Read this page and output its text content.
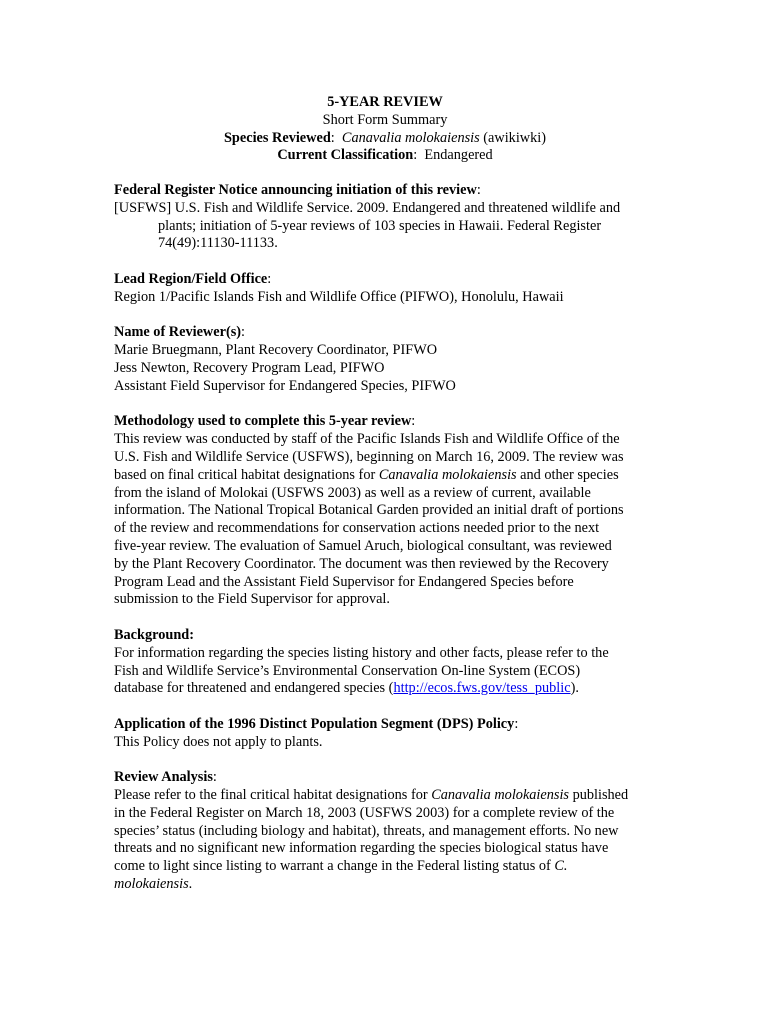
5-YEAR REVIEW
Short Form Summary
Species Reviewed:  Canavalia molokaiensis (awikiwki)
Current Classification:  Endangered
Federal Register Notice announcing initiation of this review:
[USFWS] U.S. Fish and Wildlife Service. 2009. Endangered and threatened wildlife and
plants; initiation of 5-year reviews of 103 species in Hawaii. Federal Register
74(49):11130-11133.
Lead Region/Field Office:
Region 1/Pacific Islands Fish and Wildlife Office (PIFWO), Honolulu, Hawaii
Name of Reviewer(s):
Marie Bruegmann, Plant Recovery Coordinator, PIFWO
Jess Newton, Recovery Program Lead, PIFWO
Assistant Field Supervisor for Endangered Species, PIFWO
Methodology used to complete this 5-year review:
This review was conducted by staff of the Pacific Islands Fish and Wildlife Office of the
U.S. Fish and Wildlife Service (USFWS), beginning on March 16, 2009. The review was
based on final critical habitat designations for Canavalia molokaiensis and other species
from the island of Molokai (USFWS 2003) as well as a review of current, available
information. The National Tropical Botanical Garden provided an initial draft of portions
of the review and recommendations for conservation actions needed prior to the next
five-year review. The evaluation of Samuel Aruch, biological consultant, was reviewed
by the Plant Recovery Coordinator. The document was then reviewed by the Recovery
Program Lead and the Assistant Field Supervisor for Endangered Species before
submission to the Field Supervisor for approval.
Background:
For information regarding the species listing history and other facts, please refer to the
Fish and Wildlife Service’s Environmental Conservation On-line System (ECOS)
database for threatened and endangered species (http://ecos.fws.gov/tess_public).
Application of the 1996 Distinct Population Segment (DPS) Policy:
This Policy does not apply to plants.
Review Analysis:
Please refer to the final critical habitat designations for Canavalia molokaiensis published
in the Federal Register on March 18, 2003 (USFWS 2003) for a complete review of the
species’ status (including biology and habitat), threats, and management efforts. No new
threats and no significant new information regarding the species biological status have
come to light since listing to warrant a change in the Federal listing status of C.
molokaiensis.
